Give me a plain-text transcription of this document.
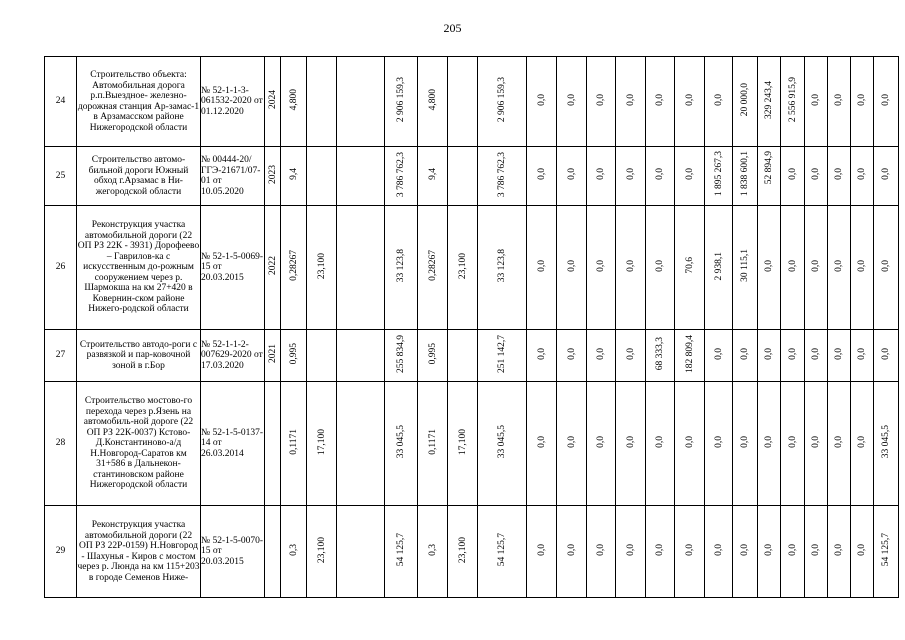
205
24	Строительство объекта: Автомобильная дорога р.п.Выездное- железно-дорожная станция Ар-замас-1 в Арзамасском районе Нижегородской области	№ 52-1-1-3-061532-2020 от 01.12.2020	2024	4,800			2 906 159,3	4,800		2 906 159,3	0,0	0,0	0,0	0,0	0,0	0,0	0,0	20 000,0	329 243,4	2 556 915,9	0,0	0,0	0,0	0,0
25	Строительство автомо-бильной дороги Южный обход г.Арзамас в Ни-жегородской области	№ 00444-20/ГГЭ-21671/07-01 от 10.05.2020	2023	9,4			3 786 762,3	9,4		3 786 762,3	0,0	0,0	0,0	0,0	0,0	0,0	1 895 267,3	1 838 600,1	52 894,9	0,0	0,0	0,0	0,0	0,0
26	Реконструкция участка автомобильной дороги (22 ОП РЗ 22К - 3931) Дорофеево – Гаврилов-ка с искусственным до-рожным сооружением через р. Шармокша на км 27+420 в Ковернин-ском районе Нижего-родской области	№ 52-1-5-0069-15 от 20.03.2015	2022	0,28267	23,100		33 123,8	0,28267	23,100	33 123,8	0,0	0,0	0,0	0,0	0,0	70,6	2 938,1	30 115,1	0,0	0,0	0,0	0,0	0,0	0,0
27	Строительство автодо-роги с развязкой и пар-ковочной зоной в г.Бор	№ 52-1-1-2-007629-2020 от 17.03.2020	2021	0,995			255 834,9	0,995		251 142,7	0,0	0,0	0,0	0,0	68 333,3	182 809,4	0,0	0,0	0,0	0,0	0,0	0,0	0,0	0,0
28	Строительство мостово-го перехода через р.Язень на автомобиль-ной дороге (22 ОП РЗ 22К-0037) Кстово-Д.Константиново-а/д Н.Новгород-Саратов км 31+586 в Дальнекон-стантиновском районе Нижегородской области	№ 52-1-5-0137-14 от 26.03.2014		0,1171	17,100		33 045,5	0,1171	17,100	33 045,5	0,0	0,0	0,0	0,0	0,0	0,0	0,0	0,0	0,0	0,0	0,0	0,0	0,0	33 045,5
29	Реконструкция участка автомобильной дороги (22 ОП РЗ 22Р-0159) Н.Новгород - Шахунья - Киров с мостом через р. Люнда на км 115+203 в городе Семенов Ниже-	№ 52-1-5-0070-15 от 20.03.2015		0,3	23,100		54 125,7	0,3	23,100	54 125,7	0,0	0,0	0,0	0,0	0,0	0,0	0,0	0,0	0,0	0,0	0,0	0,0	0,0	54 125,7
